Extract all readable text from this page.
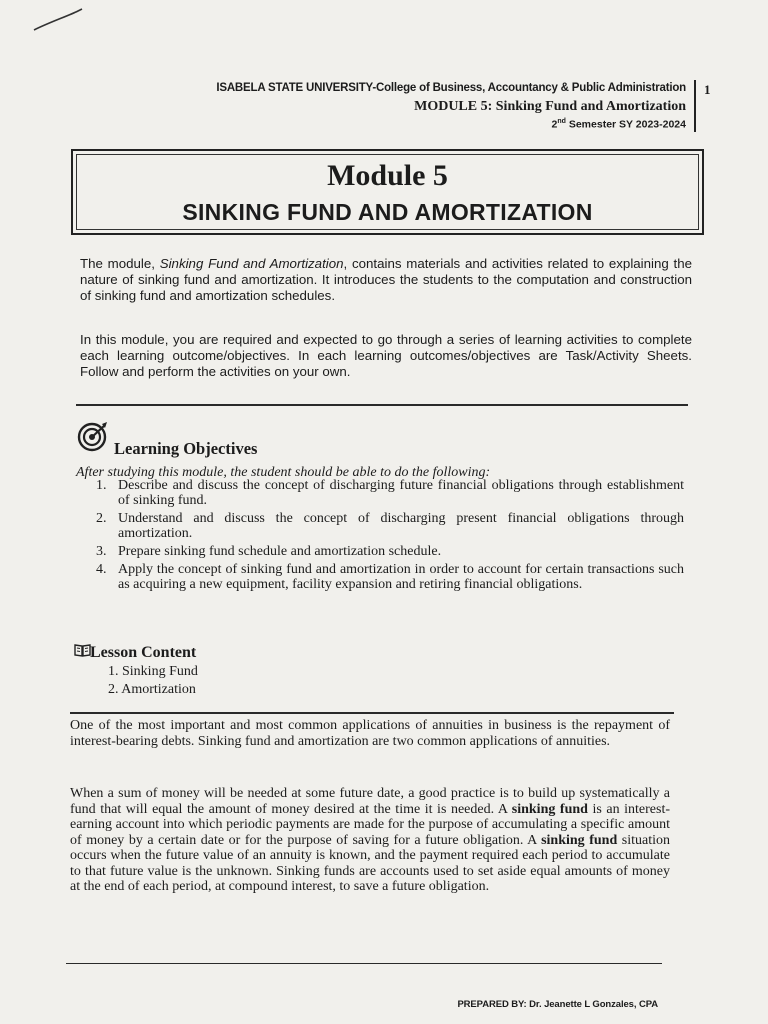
ISABELA STATE UNIVERSITY-College of Business, Accountancy & Public Administration
MODULE 5: Sinking Fund and Amortization
2nd Semester SY 2023-2024
1
Module 5
SINKING FUND AND AMORTIZATION
The module, Sinking Fund and Amortization, contains materials and activities related to explaining the nature of sinking fund and amortization. It introduces the students to the computation and construction of sinking fund and amortization schedules.
In this module, you are required and expected to go through a series of learning activities to complete each learning outcome/objectives. In each learning outcomes/objectives are Task/Activity Sheets. Follow and perform the activities on your own.
Learning Objectives
After studying this module, the student should be able to do the following:
1. Describe and discuss the concept of discharging future financial obligations through establishment of sinking fund.
2. Understand and discuss the concept of discharging present financial obligations through amortization.
3. Prepare sinking fund schedule and amortization schedule.
4. Apply the concept of sinking fund and amortization in order to account for certain transactions such as acquiring a new equipment, facility expansion and retiring financial obligations.
Lesson Content
1. Sinking Fund
2. Amortization
One of the most important and most common applications of annuities in business is the repayment of interest-bearing debts. Sinking fund and amortization are two common applications of annuities.
When a sum of money will be needed at some future date, a good practice is to build up systematically a fund that will equal the amount of money desired at the time it is needed. A sinking fund is an interest-earning account into which periodic payments are made for the purpose of accumulating a specific amount of money by a certain date or for the purpose of saving for a future obligation. A sinking fund situation occurs when the future value of an annuity is known, and the payment required each period to accumulate to that future value is the unknown. Sinking funds are accounts used to set aside equal amounts of money at the end of each period, at compound interest, to save a future obligation.
PREPARED BY: Dr. Jeanette L Gonzales, CPA
